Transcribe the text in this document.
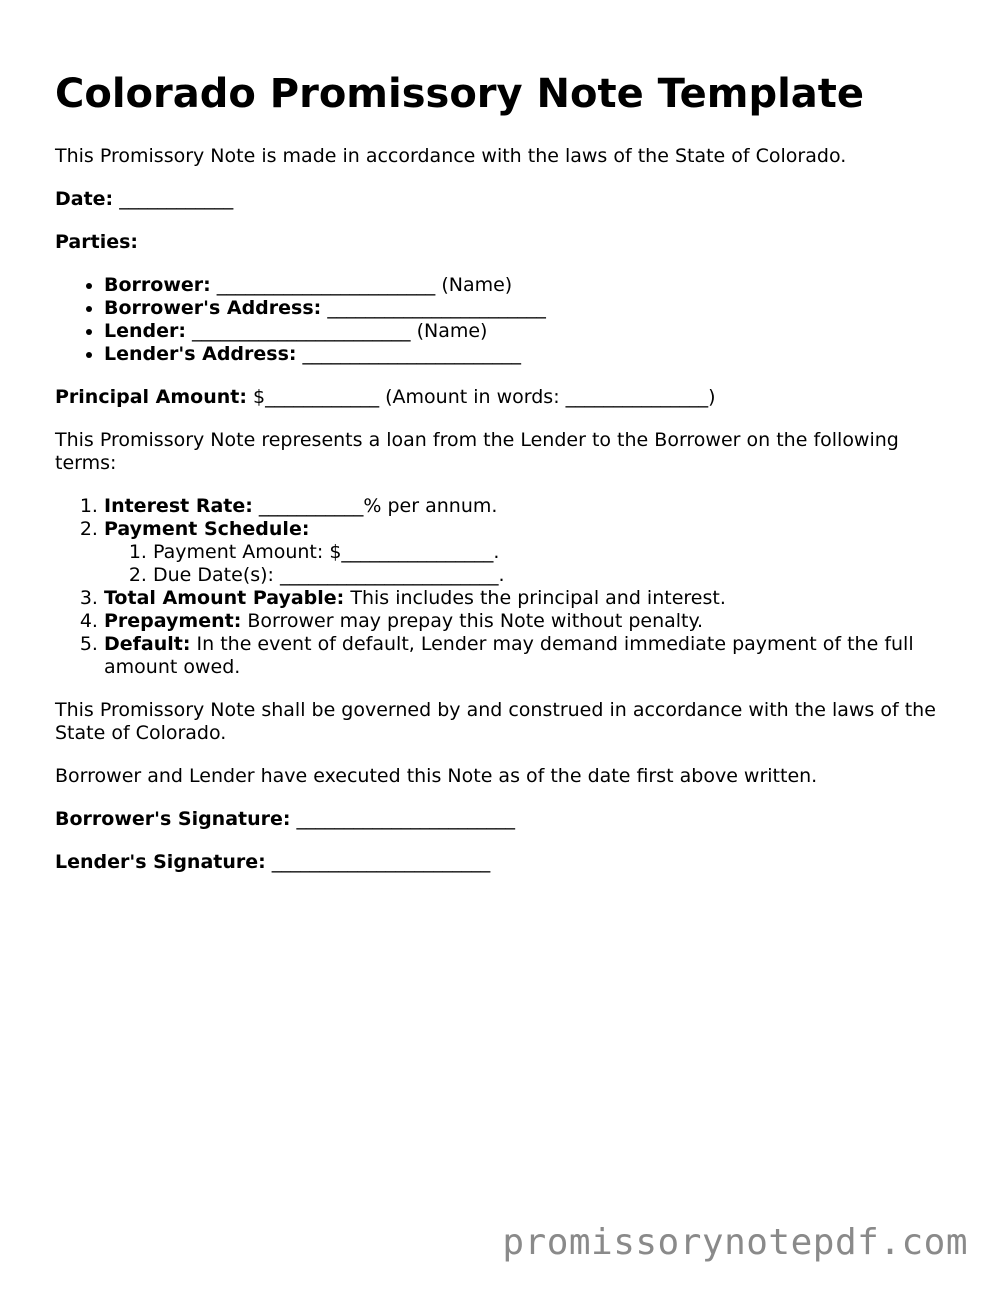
Colorado Promissory Note Template

This Promissory Note is made in accordance with the laws of the State of Colorado.

Date: ____________

Parties:

• Borrower: _______________________ (Name)
• Borrower's Address: _______________________
• Lender: _______________________ (Name)
• Lender's Address: _______________________

Principal Amount: $____________ (Amount in words: _______________)

This Promissory Note represents a loan from the Lender to the Borrower on the following terms:

1. Interest Rate: ___________% per annum.
2. Payment Schedule:
1. Payment Amount: $________________.
2. Due Date(s): _______________________.
3. Total Amount Payable: This includes the principal and interest.
4. Prepayment: Borrower may prepay this Note without penalty.
5. Default: In the event of default, Lender may demand immediate payment of the full amount owed.

This Promissory Note shall be governed by and construed in accordance with the laws of the State of Colorado.

Borrower and Lender have executed this Note as of the date first above written.

Borrower's Signature: _______________________

Lender's Signature: _______________________

promissorynotepdf.com
